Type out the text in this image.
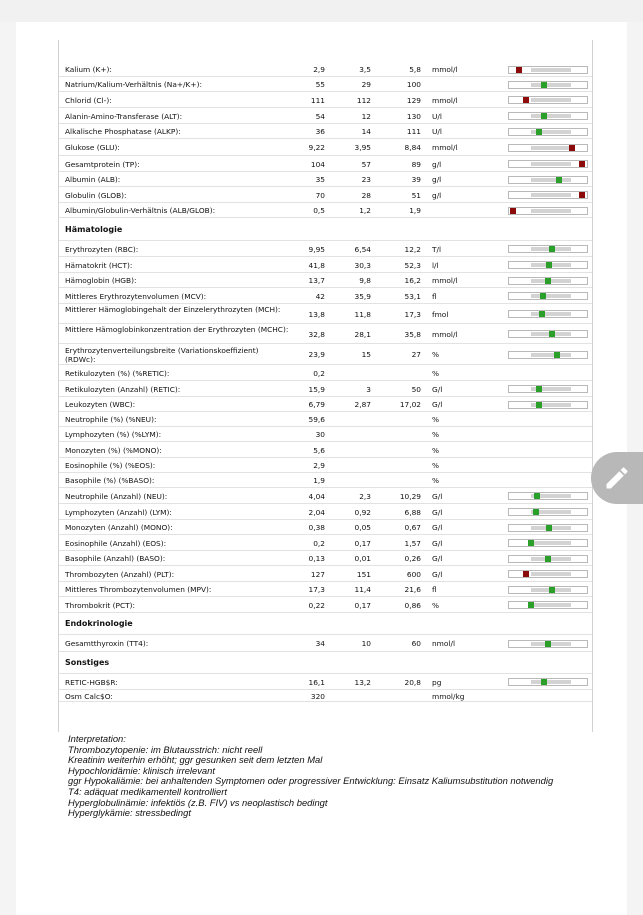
Kalium (K+):	2,9	3,5	5,8 mmol/l
Natrium/Kalium-Verhältnis (Na+/K+):	55	29	100
Chlorid (Cl-):	111	112	129 mmol/l
Alanin-Amino-Transferase (ALT):	54	12	130 U/l
Alkalische Phosphatase (ALKP):	36	14	111 U/l
Glukose (GLU):	9,22	3,95	8,84 mmol/l
Gesamtprotein (TP):	104	57	89 g/l
Albumin (ALB):	35	23	39 g/l
Globulin (GLOB):	70	28	51 g/l
Albumin/Globulin-Verhältnis (ALB/GLOB):	0,5	1,2	1,9
Hämatologie
Erythrozyten (RBC):	9,95	6,54	12,2 T/l
Hämatokrit (HCT):	41,8	30,3	52,3 l/l
Hämoglobin (HGB):	13,7	9,8	16,2 mmol/l
Mittleres Erythrozytenvolumen (MCV):	42	35,9	53,1 fl
Mittlerer Hämoglobingehalt der Einzelerythrozyten (MCH):
13,8	11,8	17,3 fmol
Mittlere Hämoglobinkonzentration der Erythrozyten (MCHC):
32,8	28,1	35,8 mmol/l
Erythrozytenverteilungsbreite (Variationskoeffizient) (RDWc):
23,9	15	27 %
Retikulozyten (%) (%RETIC):	0,2	%
Retikulozyten (Anzahl) (RETIC):	15,9	3	50 G/l
Leukozyten (WBC):	6,79	2,87	17,02 G/l
Neutrophile (%) (%NEU):	59,6	%
Lymphozyten (%) (%LYM):	30	%
Monozyten (%) (%MONO):	5,6	%
Eosinophile (%) (%EOS):	2,9	%
Basophile (%) (%BASO):	1,9	%
Neutrophile (Anzahl) (NEU):	4,04	2,3	10,29 G/l
Lymphozyten (Anzahl) (LYM):	2,04	0,92	6,88 G/l
Monozyten (Anzahl) (MONO):	0,38	0,05	0,67 G/l
Eosinophile (Anzahl) (EOS):	0,2	0,17	1,57 G/l
Basophile (Anzahl) (BASO):	0,13	0,01	0,26 G/l
Thrombozyten (Anzahl) (PLT):	127	151	600 G/l
Mittleres Thrombozytenvolumen (MPV):	17,3	11,4	21,6 fl
Thrombokrit (PCT):	0,22	0,17	0,86 %
Endokrinologie
Gesamtthyroxin (TT4):	34	10	60 nmol/l
Sonstiges
RETIC-HGB$R:	16,1	13,2	20,8 pg
Osm Calc$O:	320	mmol/kg
Interpretation:
Thrombozytopenie: im Blutausstrich: nicht reell
Kreatinin weiterhin erhöht; ggr gesunken seit dem letzten Mal
Hypochloridämie: klinisch irrelevant
ggr Hypokaliämie: bei anhaltenden Symptomen oder progressiver Entwicklung: Einsatz Kaliumsubstitution notwendig
T4: adäquat medikamentell kontrolliert
Hyperglobulinämie: infektiös (z.B. FIV) vs neoplastisch bedingt
Hyperglykämie: stressbedingt
